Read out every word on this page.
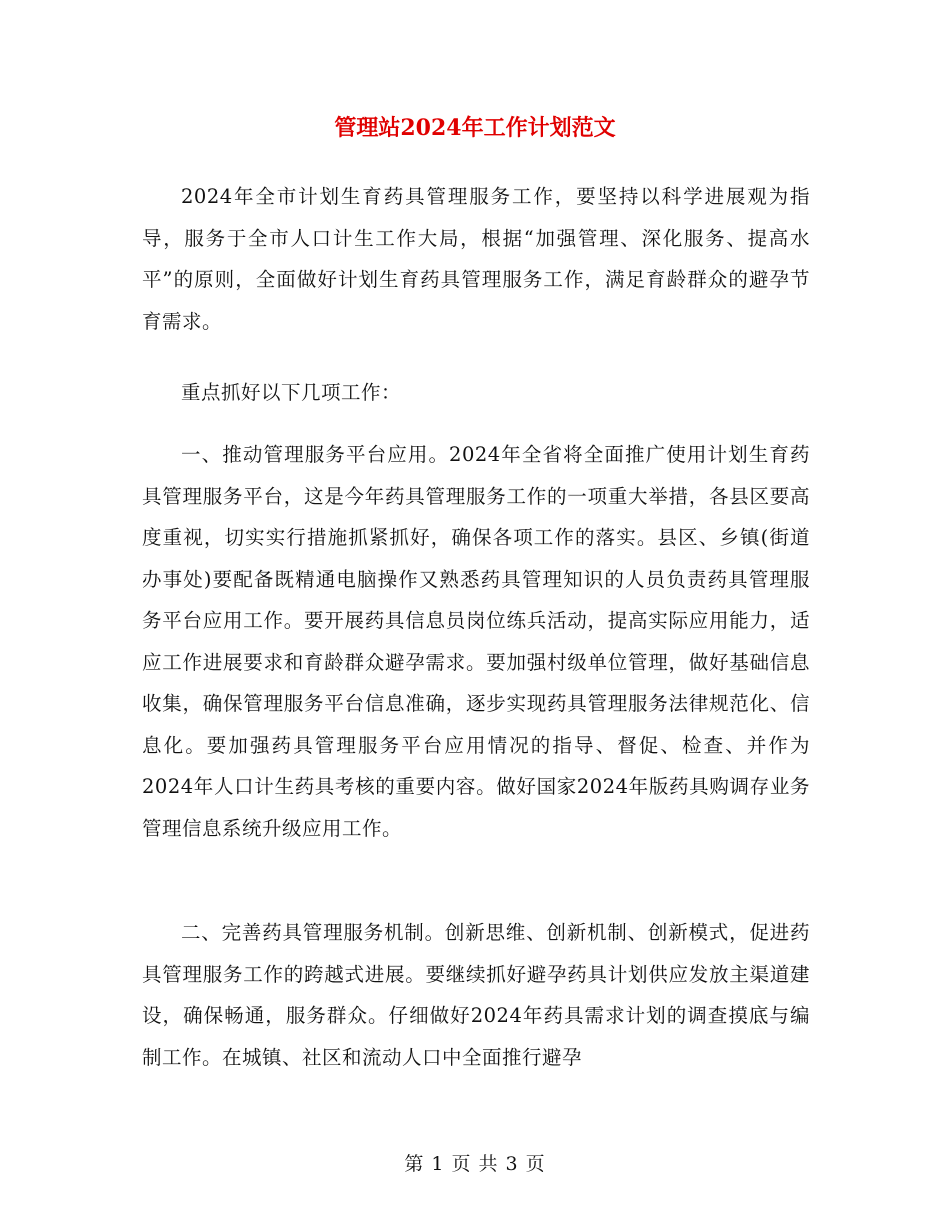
管理站2024年工作计划范文

2024年全市计划生育药具管理服务工作，要坚持以科学进展观为指导，服务于全市人口计生工作大局，根据“加强管理、深化服务、提高水平”的原则，全面做好计划生育药具管理服务工作，满足育龄群众的避孕节育需求。

重点抓好以下几项工作：

一、推动管理服务平台应用。2024年全省将全面推广使用计划生育药具管理服务平台，这是今年药具管理服务工作的一项重大举措，各县区要高度重视，切实实行措施抓紧抓好，确保各项工作的落实。县区、乡镇(街道办事处)要配备既精通电脑操作又熟悉药具管理知识的人员负责药具管理服务平台应用工作。要开展药具信息员岗位练兵活动，提高实际应用能力，适应工作进展要求和育龄群众避孕需求。要加强村级单位管理，做好基础信息收集，确保管理服务平台信息准确，逐步实现药具管理服务法律规范化、信息化。要加强药具管理服务平台应用情况的指导、督促、检查、并作为2024年人口计生药具考核的重要内容。做好国家2024年版药具购调存业务管理信息系统升级应用工作。

二、完善药具管理服务机制。创新思维、创新机制、创新模式，促进药具管理服务工作的跨越式进展。要继续抓好避孕药具计划供应发放主渠道建设，确保畅通，服务群众。仔细做好2024年药具需求计划的调查摸底与编制工作。在城镇、社区和流动人口中全面推行避孕

第 1 页 共 3 页
